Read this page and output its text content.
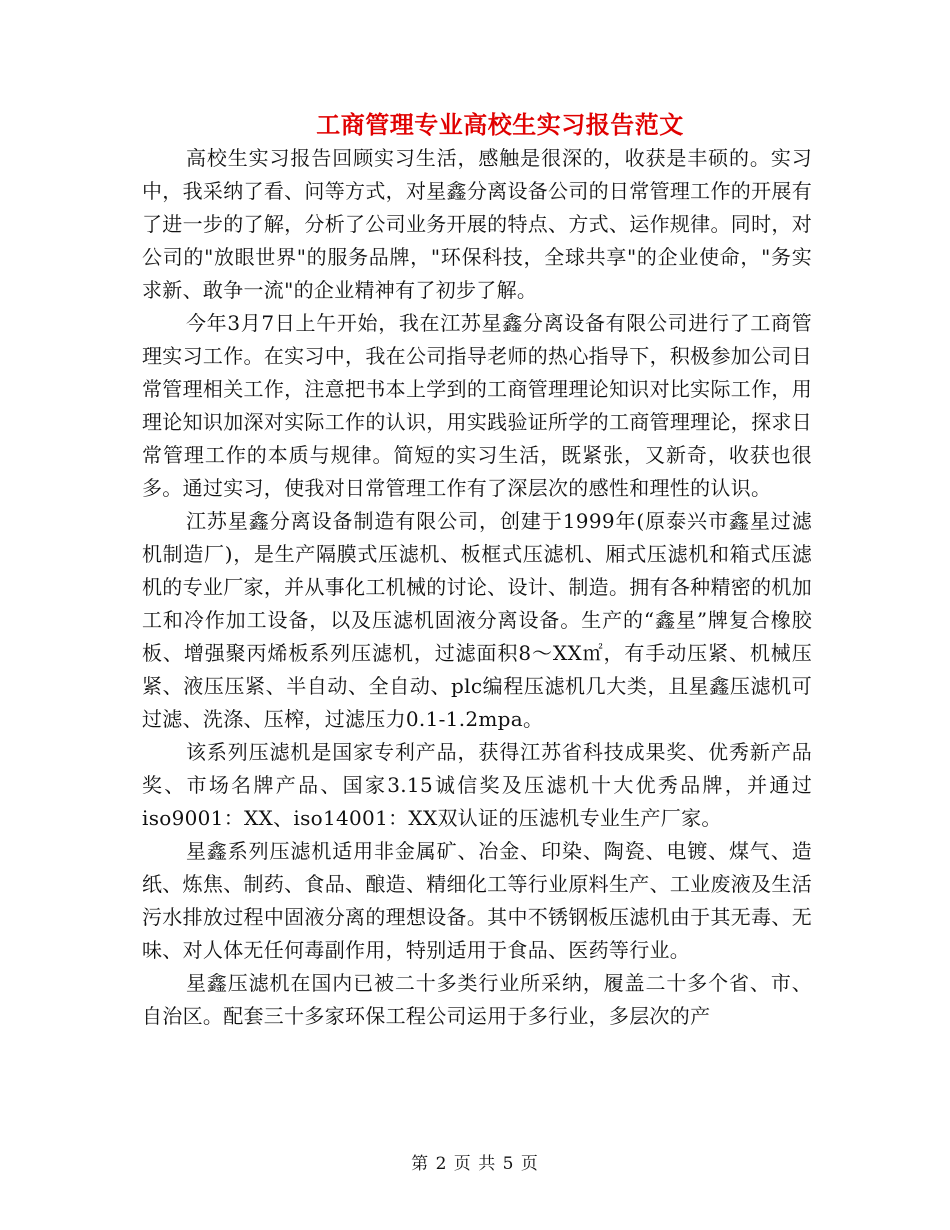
工商管理专业高校生实习报告范文

高校生实习报告回顾实习生活，感触是很深的，收获是丰硕的。实习中，我采纳了看、问等方式，对星鑫分离设备公司的日常管理工作的开展有了进一步的了解，分析了公司业务开展的特点、方式、运作规律。同时，对公司的"放眼世界"的服务品牌，"环保科技，全球共享"的企业使命，"务实求新、敢争一流"的企业精神有了初步了解。

今年3月7日上午开始，我在江苏星鑫分离设备有限公司进行了工商管理实习工作。在实习中，我在公司指导老师的热心指导下，积极参加公司日常管理相关工作，注意把书本上学到的工商管理理论知识对比实际工作，用理论知识加深对实际工作的认识，用实践验证所学的工商管理理论，探求日常管理工作的本质与规律。简短的实习生活，既紧张，又新奇，收获也很多。通过实习，使我对日常管理工作有了深层次的感性和理性的认识。

江苏星鑫分离设备制造有限公司，创建于1999年(原泰兴市鑫星过滤机制造厂)，是生产隔膜式压滤机、板框式压滤机、厢式压滤机和箱式压滤机的专业厂家，并从事化工机械的讨论、设计、制造。拥有各种精密的机加工和冷作加工设备，以及压滤机固液分离设备。生产的“鑫星”牌复合橡胶板、增强聚丙烯板系列压滤机，过滤面积8～XX㎡，有手动压紧、机械压紧、液压压紧、半自动、全自动、plc编程压滤机几大类，且星鑫压滤机可过滤、洗涤、压榨，过滤压力0.1-1.2mpa。

该系列压滤机是国家专利产品，获得江苏省科技成果奖、优秀新产品奖、市场名牌产品、国家3.15诚信奖及压滤机十大优秀品牌，并通过iso9001：XX、iso14001：XX双认证的压滤机专业生产厂家。

星鑫系列压滤机适用非金属矿、冶金、印染、陶瓷、电镀、煤气、造纸、炼焦、制药、食品、酿造、精细化工等行业原料生产、工业废液及生活污水排放过程中固液分离的理想设备。其中不锈钢板压滤机由于其无毒、无味、对人体无任何毒副作用，特别适用于食品、医药等行业。

星鑫压滤机在国内已被二十多类行业所采纳，履盖二十多个省、市、自治区。配套三十多家环保工程公司运用于多行业，多层次的产

第 2 页 共 5 页
